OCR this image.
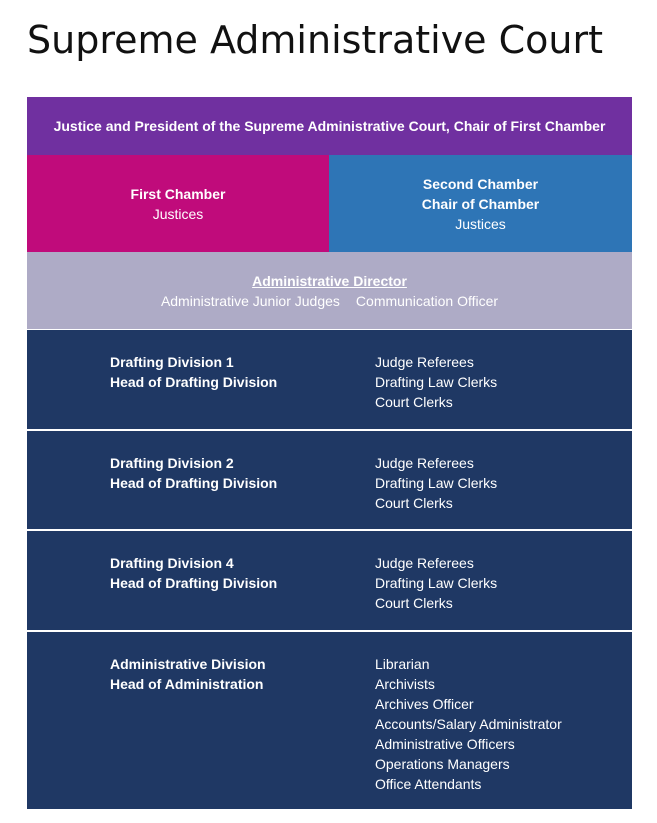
Supreme Administrative Court
Justice and President of the Supreme Administrative Court, Chair of First Chamber
First Chamber
Justices
Second Chamber
Chair of Chamber
Justices
Administrative Director
Administrative Junior Judges Communication Officer
Drafting Division 1
Head of Drafting Division
Judge Referees
Drafting Law Clerks
Court Clerks
Drafting Division 2
Head of Drafting Division
Judge Referees
Drafting Law Clerks
Court Clerks
Drafting Division 4
Head of Drafting Division
Judge Referees
Drafting Law Clerks
Court Clerks
Administrative Division
Head of Administration
Librarian
Archivists
Archives Officer
Accounts/Salary Administrator
Administrative Officers
Operations Managers
Office Attendants
